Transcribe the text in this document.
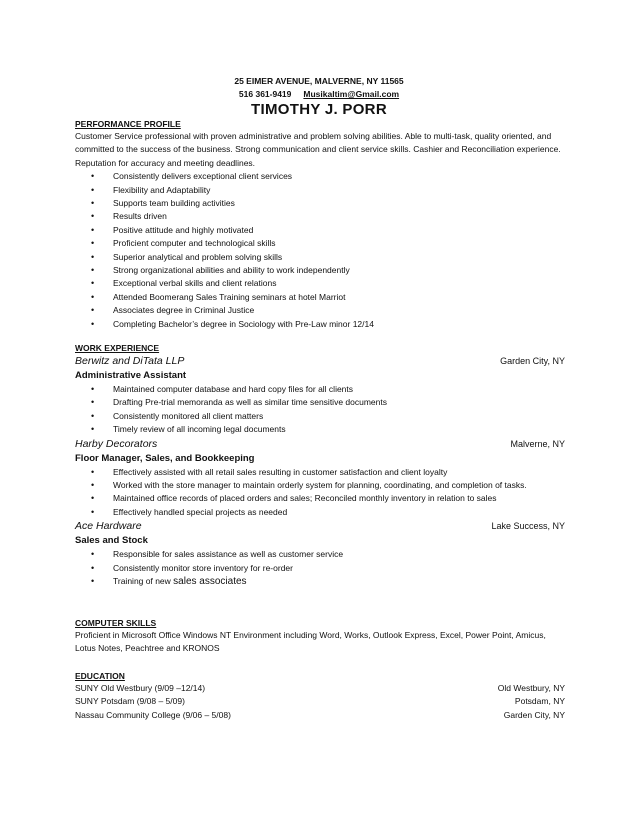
25 EIMER AVENUE, MALVERNE, NY 11565
516 361-9419 Musikaltim@Gmail.com
TIMOTHY J. PORR
PERFORMANCE PROFILE
Customer Service professional with proven administrative and problem solving abilities. Able to multi-task, quality oriented, and committed to the success of the business. Strong communication and client service skills. Cashier and Reconciliation experience. Reputation for accuracy and meeting deadlines.
• Consistently delivers exceptional client services
• Flexibility and Adaptability
• Supports team building activities
• Results driven
• Positive attitude and highly motivated
• Proficient computer and technological skills
• Superior analytical and problem solving skills
• Strong organizational abilities and ability to work independently
• Exceptional verbal skills and client relations
• Attended Boomerang Sales Training seminars at hotel Marriot
• Associates degree in Criminal Justice
• Completing Bachelor’s degree in Sociology with Pre-Law minor 12/14
WORK EXPERIENCE
Berwitz and DiTata LLP	Garden City, NY
Administrative Assistant
• Maintained computer database and hard copy files for all clients
• Drafting Pre-trial memoranda as well as similar time sensitive documents
• Consistently monitored all client matters
• Timely review of all incoming legal documents
Harby Decorators	Malverne, NY
Floor Manager, Sales, and Bookkeeping
• Effectively assisted with all retail sales resulting in customer satisfaction and client loyalty
• Worked with the store manager to maintain orderly system for planning, coordinating, and completion of tasks.
• Maintained office records of placed orders and sales; Reconciled monthly inventory in relation to sales
• Effectively handled special projects as needed
Ace Hardware	Lake Success, NY
Sales and Stock
• Responsible for sales assistance as well as customer service
• Consistently monitor store inventory for re-order
• Training of new sales associates
COMPUTER SKILLS
Proficient in Microsoft Office Windows NT Environment including Word, Works, Outlook Express, Excel, Power Point, Amicus, Lotus Notes, Peachtree and KRONOS
EDUCATION
SUNY Old Westbury (9/09 –12/14)	Old Westbury, NY
SUNY Potsdam (9/08 – 5/09)	Potsdam, NY
Nassau Community College (9/06 – 5/08)	Garden City, NY
